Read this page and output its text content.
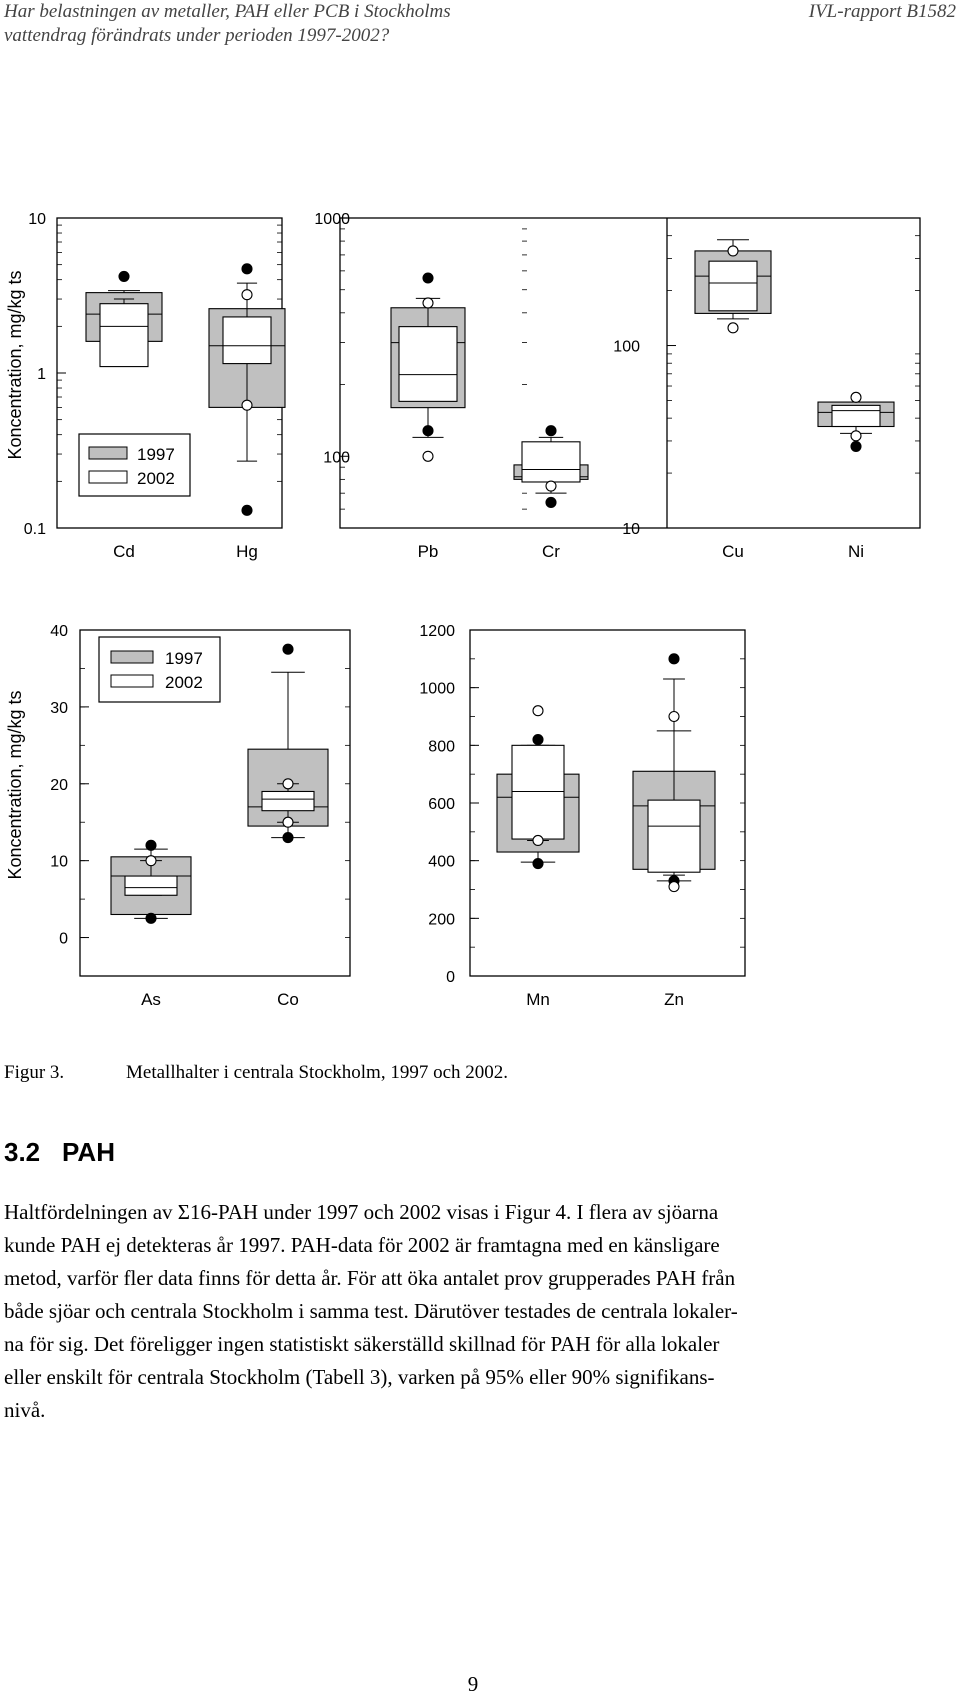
Har belastningen av metaller, PAH eller PCB i Stockholms
vattendrag förändrats under perioden 1997-2002?
IVL-rapport B1582
0.1
1
10
Cd	Hg
100
1000
Pb	Cr
10
100
Cu	Ni
0
10
20
30
40
As	Co
0
200
400
600
800
1000
1200
Mn	Zn
Koncentration, mg/kg ts
Koncentration, mg/kg ts
1997
2002
1997
2002
Figur 3.	Metallhalter i centrala Stockholm, 1997 och 2002.
3.2 PAH
Haltfördelningen av Σ16-PAH under 1997 och 2002 visas i Figur 4. I flera av sjöarna
kunde PAH ej detekteras år 1997. PAH-data för 2002 är framtagna med en känsligare
metod, varför fler data finns för detta år. För att öka antalet prov grupperades PAH från
både sjöar och centrala Stockholm i samma test. Därutöver testades de centrala lokaler-
na för sig. Det föreligger ingen statistiskt säkerställd skillnad för PAH för alla lokaler
eller enskilt för centrala Stockholm (Tabell 3), varken på 95% eller 90% signifikans-
nivå.
9
